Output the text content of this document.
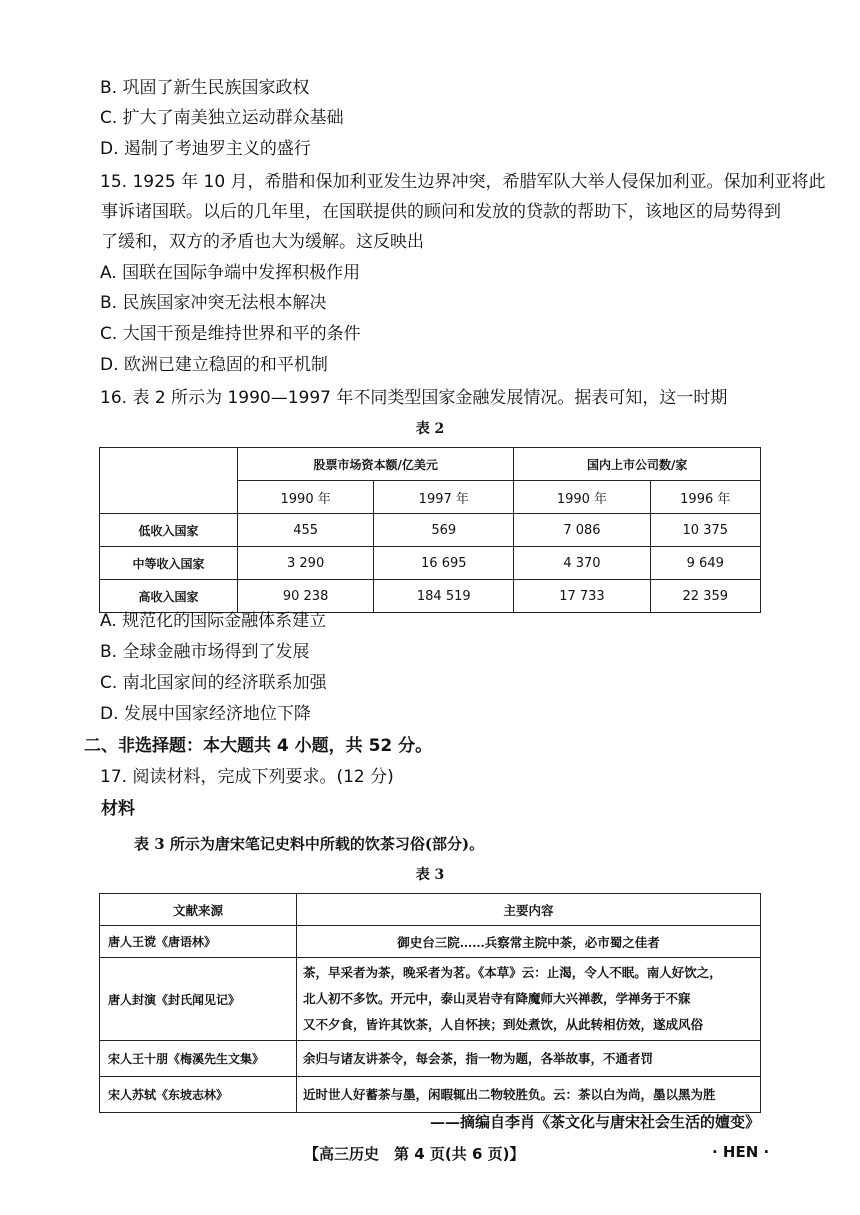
B. 巩固了新生民族国家政权
C. 扩大了南美独立运动群众基础
D. 遏制了考迪罗主义的盛行
15. 1925 年 10 月，希腊和保加利亚发生边界冲突，希腊军队大举人侵保加利亚。保加利亚将此
事诉诸国联。以后的几年里，在国联提供的顾问和发放的贷款的帮助下，该地区的局势得到
了缓和，双方的矛盾也大为缓解。这反映出
A. 国联在国际争端中发挥积极作用
B. 民族国家冲突无法根本解决
C. 大国干预是维持世界和平的条件
D. 欧洲已建立稳固的和平机制
16. 表 2 所示为 1990—1997 年不同类型国家金融发展情况。据表可知，这一时期
表 2
	股票市场资本额/亿美元		国内上市公司数/家	
	1990 年	1997 年	1990 年	1996 年
低收入国家	455	569	7 086	10 375
中等收入国家	3 290	16 695	4 370	9 649
高收入国家	90 238	184 519	17 733	22 359
A. 规范化的国际金融体系建立
B. 全球金融市场得到了发展
C. 南北国家间的经济联系加强
D. 发展中国家经济地位下降
二、非选择题：本大题共 4 小题，共 52 分。
17. 阅读材料，完成下列要求。(12 分)
材料
表 3 所示为唐宋笔记史料中所载的饮茶习俗(部分)。
表 3
文献来源	主要内容
唐人王谠《唐语林》	御史台三院……兵察常主院中茶，必市蜀之佳者
唐人封演《封氏闻见记》	茶，早采者为茶，晚采者为茗。《本草》云：止渴，令人不眠。南人好饮之，
北人初不多饮。开元中，泰山灵岩寺有降魔师大兴禅教，学禅务于不寐
又不夕食，皆许其饮茶，人自怀挟；到处煮饮，从此转相仿效，遂成风俗

宋人王十朋《梅溪先生文集》	余归与诸友讲茶令，每会茶，指一物为题，各举故事，不通者罚
宋人苏轼《东坡志林》	近时世人好蓄茶与墨，闲暇辄出二物较胜负。云：茶以白为尚，墨以黑为胜
——摘编自李肖《茶文化与唐宋社会生活的嬗变》
【高三历史　第 4 页(共 6 页)】	· HEN ·
